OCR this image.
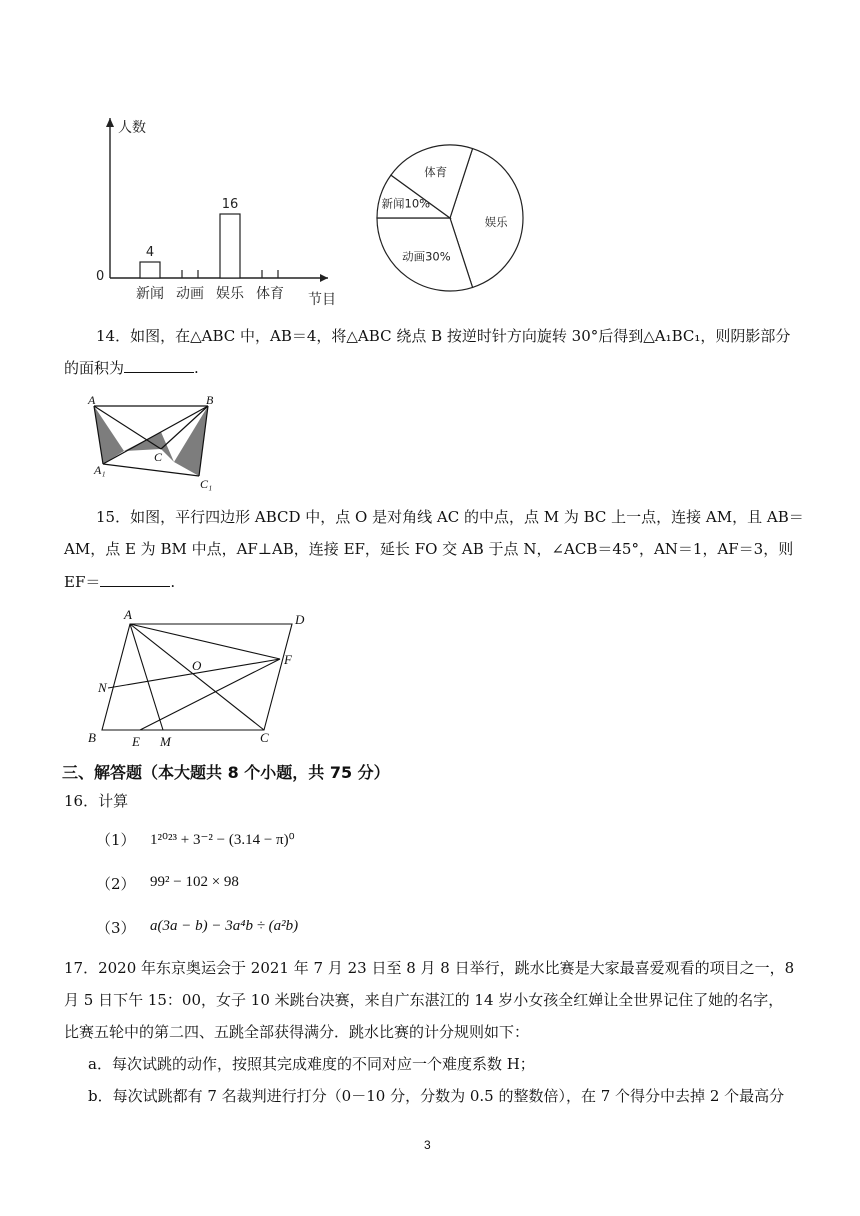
人数
节目
0
4
新闻 动画
16
娱乐 体育
娱乐
动画30%
新闻10%
体育
14．如图，在△ABC 中，AB＝4，将△ABC 绕点 B 按逆时针方向旋转 30°后得到△A₁BC₁，则阴影部分
的面积为	.
A	B
C
A₁
C₁
15．如图，平行四边形 ABCD 中，点 O 是对角线 AC 的中点，点 M 为 BC 上一点，连接 AM，且 AB＝
AM，点 E 为 BM 中点，AF⊥AB，连接 EF，延长 FO 交 AB 于点 N，∠ACB＝45°，AN＝1，AF＝3，则
EF＝	.
A	D
O	F
N
B	E M	C
三、解答题（本大题共 8 个小题，共 75 分）
16．计算
（1） 1²⁰²³ + 3⁻² − (3.14 − π)⁰
（2） 99² − 102 × 98
（3） a(3a − b) − 3a⁴b ÷ (a²b)
17．2020 年东京奥运会于 2021 年 7 月 23 日至 8 月 8 日举行，跳水比赛是大家最喜爱观看的项目之一，8
月 5 日下午 15：00，女子 10 米跳台决赛，来自广东湛江的 14 岁小女孩全红婵让全世界记住了她的名字，
比赛五轮中的第二四、五跳全部获得满分．跳水比赛的计分规则如下：
a．每次试跳的动作，按照其完成难度的不同对应一个难度系数 H；
b．每次试跳都有 7 名裁判进行打分（0－10 分，分数为 0.5 的整数倍），在 7 个得分中去掉 2 个最高分
3
